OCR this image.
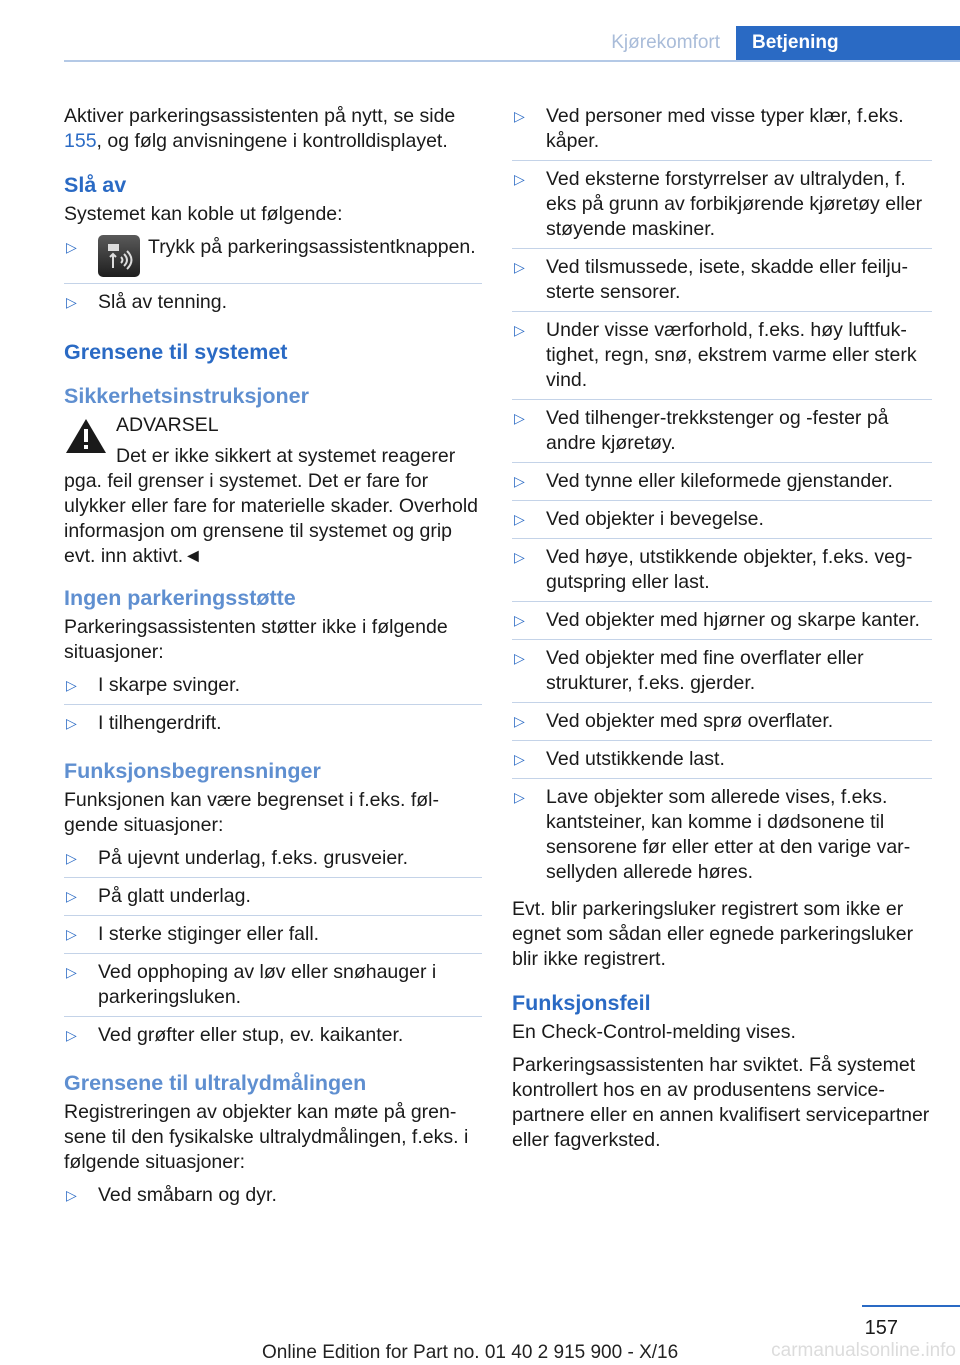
Kjørekomfort	Betjening

Aktiver parkeringsassistenten på nytt, se side 155, og følg anvisningene i kontrolldisplayet.

Slå av

Systemet kan koble ut følgende:

▷	Trykk på parkeringsassistentknappen.
▷ Slå av tenning.
Grensene til systemet
Sikkerhetsinstruksjoner
ADVARSEL
Det er ikke sikkert at systemet reagerer pga. feil grenser i systemet. Det er fare for ulykker eller fare for materielle skader. Overhold informasjon om grensene til systemet og grip evt. inn aktivt.◄
Ingen parkeringsstøtte

Parkeringsassistenten støtter ikke i følgende situasjoner:

▷ I skarpe svinger.
▷ I tilhengerdrift.
Funksjonsbegrensninger

Funksjonen kan være begrenset i f.eks. følgende situasjoner:

▷ På ujevnt underlag, f.eks. grusveier.
▷ På glatt underlag.
▷ I sterke stiginger eller fall.
▷ Ved opphoping av løv eller snøhauger i parkeringsluken.
▷ Ved grøfter eller stup, ev. kaikanter.
Grensene til ultralydmålingen

Registreringen av objekter kan møte på grensene til den fysikalske ultralydmålingen, f.eks. i følgende situasjoner:

▷ Ved småbarn og dyr.
▷ Ved personer med visse typer klær, f.eks. kåper.
▷ Ved eksterne forstyrrelser av ultralyden, f. eks på grunn av forbikjørende kjøretøy eller støyende maskiner.
▷ Ved tilsmussede, isete, skadde eller feiljusterte sensorer.
▷ Under visse værforhold, f.eks. høy luftfuktighet, regn, snø, ekstrem varme eller sterk vind.
▷ Ved tilhenger-trekkstenger og -fester på andre kjøretøy.
▷ Ved tynne eller kileformede gjenstander.
▷ Ved objekter i bevegelse.
▷ Ved høye, utstikkende objekter, f.eks. veggutspring eller last.
▷ Ved objekter med hjørner og skarpe kanter.
▷ Ved objekter med fine overflater eller strukturer, f.eks. gjerder.
▷ Ved objekter med sprø overflater.
▷ Ved utstikkende last.
▷ Lave objekter som allerede vises, f.eks. kantsteiner, kan komme i dødsonene til sensorene før eller etter at den varige varsellyden allerede høres.

Evt. blir parkeringsluker registrert som ikke er egnet som sådan eller egnede parkeringsluker blir ikke registrert.

Funksjonsfeil

En Check-Control-melding vises.

Parkeringsassistenten har sviktet. Få systemet kontrollert hos en av produsentens servicepartnere eller en annen kvalifisert servicepartner eller fagverksted.

157
Online Edition for Part no. 01 40 2 915 900 - X/16	carmanualsonline.info
